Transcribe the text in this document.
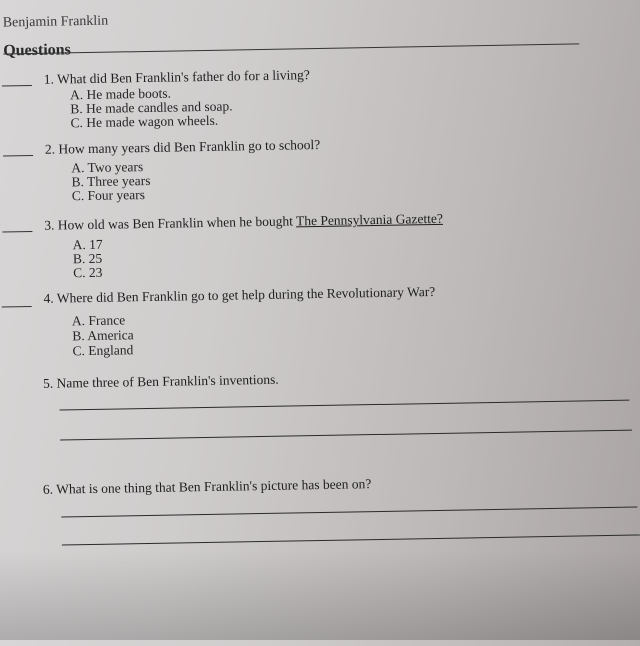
Benjamin Franklin
Questions
1. What did Ben Franklin's father do for a living?
A. He made boots.
B. He made candles and soap.
C. He made wagon wheels.
2. How many years did Ben Franklin go to school?
A. Two years
B. Three years
C. Four years
3. How old was Ben Franklin when he bought The Pennsylvania Gazette?
A. 17
B. 25
C. 23
4. Where did Ben Franklin go to get help during the Revolutionary War?
A. France
B. America
C. England
5. Name three of Ben Franklin's inventions.
6. What is one thing that Ben Franklin's picture has been on?
